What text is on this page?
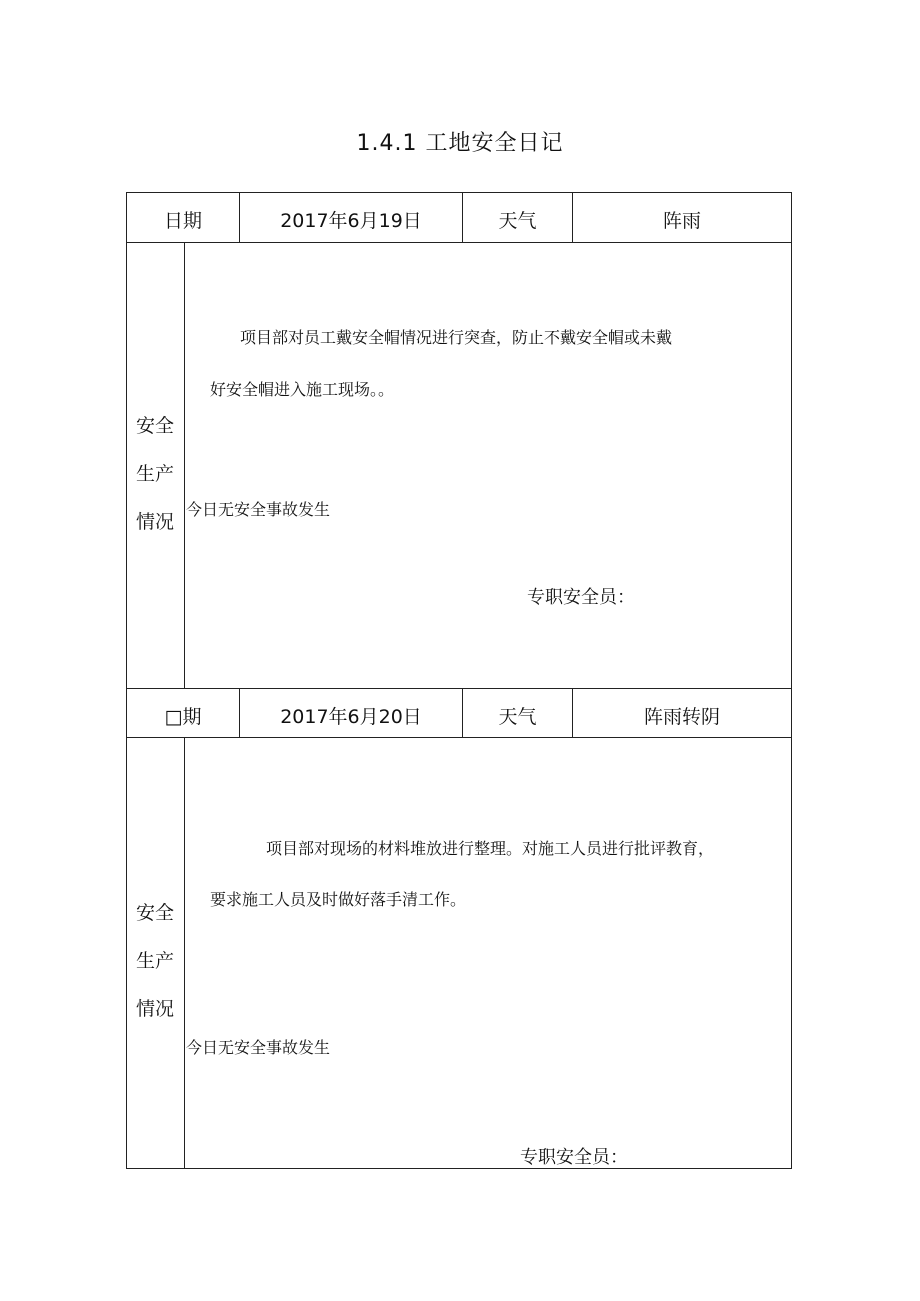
1.4.1 工地安全日记
日期	2017年6月19日	天气	阵雨
安全
生产
情况
项目部对员工戴安全帽情况进行突查，防止不戴安全帽或未戴
好安全帽进入施工现场。。
今日无安全事故发生
专职安全员：
□期	2017年6月20日	天气	阵雨转阴
安全
生产
情况
项目部对现场的材料堆放进行整理。对施工人员进行批评教育，
要求施工人员及时做好落手清工作。
今日无安全事故发生
专职安全员：
